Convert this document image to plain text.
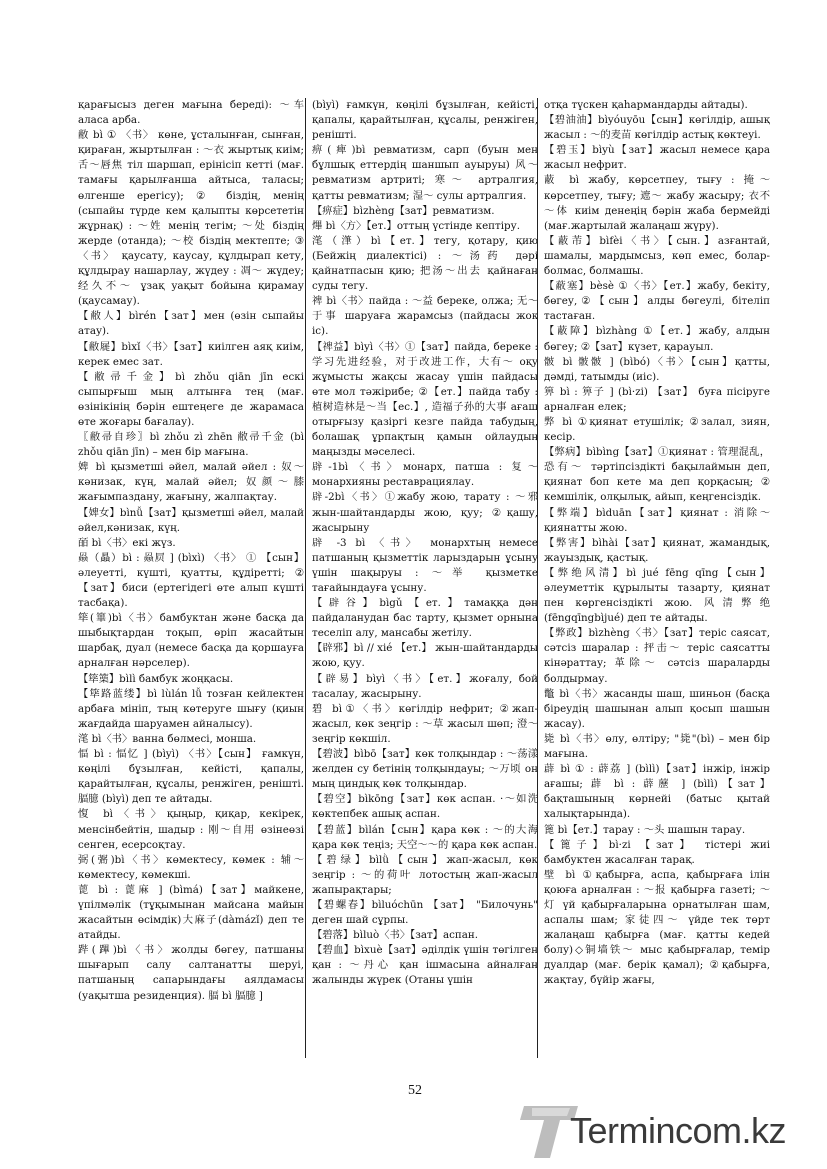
қарағысыз деген мағына береді): ～车 алаcа арба.

敝 bì ① 〈书〉 көне, ұсталынған, сынған, қираған, жыртылған : ～衣 жыртық киім; 舌～唇焦 тіл шаршап, ерінісіп кетті (мағ. тамағы қарылғанша айтыса, таласы; өлгенше ерегісу); ② біздің, менің (сыпайы түрде кем қалыпты көрсететін жұрнақ) : ～姓 менің тегім; ～处 біздің жерде (отанда); ～校 біздің мектепте; ③ 〈书〉 қаусату, каусау, құлдырап кету, құлдырау нашарлау, жүдеу : 凋～ жүдеу; 经久不～ ұзақ уақыт бойына қирамау (қаусамау).

【敝人】bìrén【зат】мен (өзін сыпайы атау).

【敝屣】bìxǐ〈书〉【зат】киілген аяқ киім, керек емес зат.

【敝帚千金】bì zhǒu qiān jīn ескі сыпырғыш мың алтынға тең (мағ. өзінікінің бәрін ештеңеге де жарамаса өте жоғары бағалау).

〖敝帚自珍〗bì zhǒu zì zhēn 敝帚千金 (bì zhǒu qiān jīn) – мен бір мағына.

婢 bì қызметші әйел, малай әйел : 奴～ кәнизак, күң, малай әйел; 奴颜～膝 жағымпаздану, жағыну, жалпақтау.

【婢女】bìnǚ【зат】қызметші әйел, малай әйел,кәнизак, күң.

皕 bì〈书〉екі жүз.

赑（贔）bì : 赑屃 ] (bìxì) 〈书〉 ① 【сын】 әлеуетті, күшті, қуатты, құдіретті; ②【зат】биси (ертегідегі өте алып күшті тасбақа).

筚(篳)bì〈书〉бамбуктан және басқа да шыбықтардан тоқып, өріп жасайтын шарбақ, дуал (немесе басқа да қоршауға арналған нәрселер).

【筚篥】bìlì бамбук жоңқасы.

【筚路蓝缕】bì lùlán lǚ тозған кейлектен арбаға мініп, тың көтеруге шығу (қиын жағдайда шаруамен айналысу).

滗 bì〈书〉ванна бөлмесі, монша.

愊 bì : 愊忆 ] (bìyì) 〈书〉【сын】 ғамкүн, көңілі бұзылған, кейісті, қапалы, қарайтылған, құсалы, ренжіген, реніштi. 腷臆 (bìyì) деп те айтады.

愎 bì〈书〉қыңыр, қиқар, кекірек, менсінбейтін, шадыр : 刚～自用 өзінеөзі сенген, есерсоқтау.

弼(弻)bì〈书〉көмектесу, көмек : 辅～ көмектесу, көмекші.

蓖 bì : 蓖麻 ] (bìmá)【зат】майкене, үпілмәлік (тұқымынан майсана майын жасайтын өсімдік)大麻子(dàmázǐ) деп те атайды.

跸(蹕)bì〈书〉жолды бөгеу, патшаны шығарып салу салтанатты шеруі, патшаның сапарындағы аялдамасы (уақытша резиденция). 腷 bì 腷臆 ]

(bìyì) ғамкүн, көңілі бұзылған, кейісті, қапалы, қарайтылған, құсалы, ренжіген, реніштi.

痹(痺)bì ревматизм, сарп (буын мен бұлшық еттердің шаншып ауыруы) 风～ ревматизм артриті; 寒～ артралгия, қатты ревматизм; 湿～ сулы артралгия.

【痹症】bìzhèng【зат】ревматизм.

熚 bì〈方〉【ет.】оттың үстінде кептіру.

滗（潷）bì【ет.】тегу, қотару, қию (Бейжің диалектісі) : ～汤药 дәрі қайнатпасын қию; 把汤～出去 қайнаған суды тегу.

禆 bì〈书〉пайда : ～益 береке, олжа; 无～于事 шаруаға жарамсыз (пайдасы жоқ іс).

【禆益】bìyì〈书〉①【зат】пайда, береке : 学习先进经验，对于改进工作，大有～ оқу жұмысты жақсы жасау үшін пайдасы өте мол тәжірибе; ②【ет.】пайда табу : 植树造林是～当【ес.】, 造福子孙的大事 ағаш отырғызу қазіргі кезге пайда табудың, болашақ ұрпақтың қамын ойлаудың маңызды мәселесі.

辟-1bì〈书〉монарх, патша : 复～ монархияны реставрациялау.

辟-2bì〈书〉①жабу жою, тарату : ～邪 жын-шайтандарды жою, қуу; ②қашу, жасырыну

辟 -3 bì 〈书〉 монархтың немесе патшаның қызметтік ларыздарын ұсыну үшін шақыруы : ～举 қызметке тағайындауға ұсыну.

【辟谷】bìgǔ【ет.】тамаққа дән пайдаланудан бас тарту, қызмет орнына теселіп алу, мансабы жетілу.

【辟邪】bì // xié 【ет.】 жын-шайтандарды жою, қуу.

【辟易】bìyì〈书〉【ет.】жоғалу, бой тасалау, жасырыну.

碧 bì①〈书〉көгілдір нефрит; ②жап-жасыл, көк зеңгір : ～草 жасыл шөп; 澄～ зеңгір көкшіл.

【碧波】bìbō【зат】көк толқындар : ～荡漾 желден су бетінің толқындауы; ～万顷 он мың циндық көк толқындар.

【碧空】bìkōng【зат】көк аспан. ·～如洗 көктепбек ашық аспан.

【碧蓝】bìlán【сын】қара көк : ～的大海 қара көк теңіз; 天空～～的 қара көк аспан.

【碧绿】bìlǜ【сын】жап-жасыл, көк зеңгір : ～的荷叶 лотостың жап-жасыл жапырақтары;

【碧螺春】bìluóchūn 【зат】 "Билочунь" деген шай сұрпы.

【碧落】bìluò〈书〉【зат】аспан.

【碧血】bìxuè【зат】әділдік үшін төгілген қан : ～丹心 қан ішмасына айналған жалынды жүрек (Отаны үшін

отқа түскен қаһармандарды айтады).

【碧油油】bìyóuyōu【сын】көгілдір, ашық жасыл : ～的麦苗 көгілдір астық көктеуі.

【碧玉】bìyù【зат】жасыл немесе қара жасыл нефрит.

蔽 bì жабу, көрсетпеу, тығу : 掩～ көрсетпеу, тығу; 遮～ жабу жасыру; 衣不～体 киім денеңің бәрін жаба бермейді (мағ.жартылай жалаңаш жүру).

【蔽芾】bìfèi〈书〉【сын.】азғантай, шамалы, мардымсыз, көп емес, болар-болмас, болмашы.

【蔽塞】bèsè ①〈书〉【ет.】жабу, бекіту, бөгеу,②【сын】алды бөгеулі, бітеліп тастаған.

【蔽障】bìzhàng ①【ет.】жабу, алдын бөгеу; ②【зат】күзет, қарауыл.

骳 bì 骳骳 ] (bìbó)〈书〉【сын】қатты, дәмді, татымды (иіс).

箅 bì : 箅子 ] (bì·zi) 【зат】 буға пісіруге арналған елек;

弊 bì ①қиянат етушілік; ②залал, зиян, кесір.

【弊病】bìbìng【зат】①қиянат : 管理混乱，恐有～ тәртіпсіздікті бақылаймын деп, қиянат боп кете ма деп қорқасың; ② кемшілік, олқылық, айып, кеңгенсіздік.

【弊端】bìduān【зат】қиянат : 消除～ қиянатты жою.

【弊害】bìhài【зат】қиянат, жамандық, жауыздық, қастық.

【弊绝风清】bì jué fēng qīng【сын】әлеуметтік құрылыты тазарту, қиянат пен көргенсіздікті жою. 风清弊绝 (fēngqīngbìjué) деп те айтады.

【弊政】bìzhèng〈书〉【зат】теріс саясат, сәтсіз шаралар : 抨击～ теріс саясатты кінәраттау; 革除～ сәтсіз шараларды болдырмау.

鼈 bì〈书〉жасанды шаш, шиньон (басқа біреудің шашынан алып қосып шашын жасау).

毙 bì〈书〉өлу, өлтіру; "毙"(bì) – мен бір мағына.

薜 bì ① : 薜荔 ] (bìlì)【зат】інжір, інжір ағашы; 薜 bì : 薜藶 ] (bìlì)【зат】бақташының көрнейі (батыс қытай халықтарында).

篦 bì【ет.】тарау : ～头 шашын тарау.

【篦子】bì·zi 【зат】 тістері жиі бамбуктен жасалған тарақ.

壁 bì ①қабырға, аспа, қабырғаға ілін қоюға арналған : ～报 қабырға газеті; ～灯 үй қабырғаларына орнатылған шам, аспалы шам; 家徒四～ үйде тек төрт жалаңаш қабырға (мағ. қатты кедей болу)◇铜墙铁～ мыс қабырғалар, темір дуалдар (мағ. берік қамал); ②қабырға, жақтау, бүйір жағы,

52
Termincom.kz
